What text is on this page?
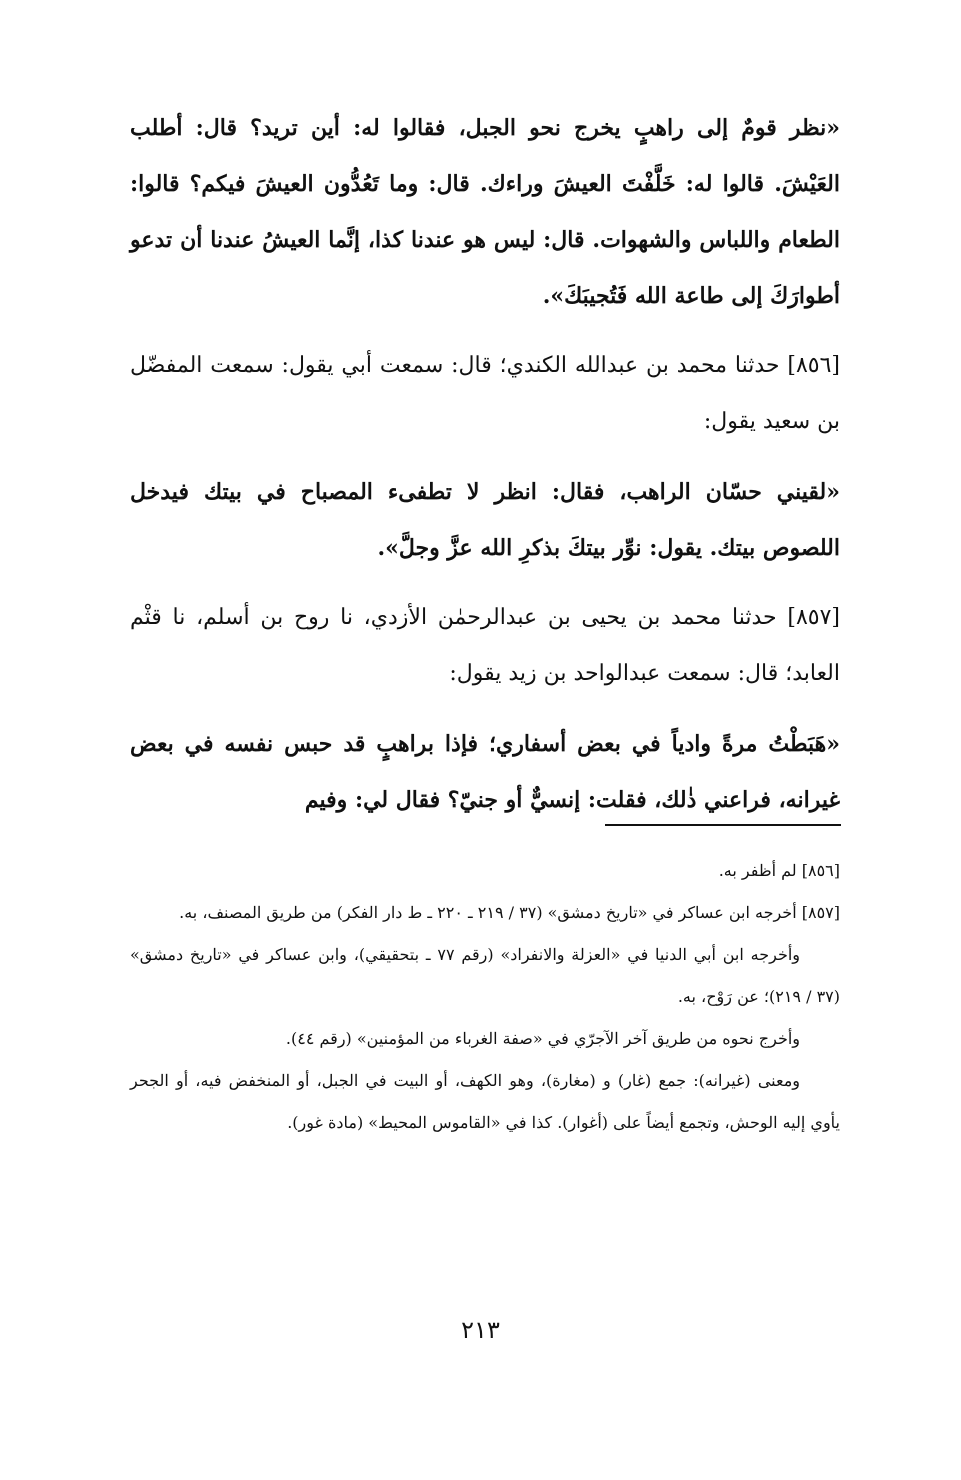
«نظر قومٌ إلى راهبٍ يخرج نحو الجبل، فقالوا له: أين تريد؟ قال: أطلب العَيْشَ. قالوا له: خَلَّفْتَ العيشَ وراءك. قال: وما تَعُدُّون العيشَ فيكم؟ قالوا: الطعام واللباس والشهوات. قال: ليس هو عندنا كذا، إنَّما العيشُ عندنا أن تدعو أطوارَكَ إلى طاعة الله فَتُجيبَكَ».

[٨٥٦] حدثنا محمد بن عبدالله الكندي؛ قال: سمعت أبي يقول: سمعت المفضّل بن سعيد يقول:

«لقيني حسّان الراهب، فقال: انظر لا تطفىء المصباح في بيتك فيدخل اللصوص بيتك. يقول: نوِّر بيتكَ بذكرِ الله عزَّ وجلَّ».

[٨٥٧] حدثنا محمد بن يحيى بن عبدالرحمٰن الأزدي، نا روح بن أسلم، نا قثْم العابد؛ قال: سمعت عبدالواحد بن زيد يقول:

«هَبَطْتُ مرةً وادياً في بعض أسفاري؛ فإذا براهبٍ قد حبس نفسه في بعض غيرانه، فراعني ذٰلك، فقلت: إنسيٌّ أو جنيّ؟ فقال لي: وفيم

[٨٥٦] لم أظفر به.

[٨٥٧] أخرجه ابن عساكر في «تاريخ دمشق» (٣٧ / ٢١٩ ـ ٢٢٠ ـ ط دار الفكر) من طريق المصنف، به.

وأخرجه ابن أبي الدنيا في «العزلة والانفراد» (رقم ٧٧ ـ بتحقيقي)، وابن عساكر في «تاريخ دمشق» (٣٧ / ٢١٩)؛ عن رَوْح، به.

وأخرج نحوه من طريق آخر الآجرّي في «صفة الغرباء من المؤمنين» (رقم ٤٤).

ومعنى (غيرانه): جمع (غار) و (مغارة)، وهو الكهف، أو البيت في الجبل، أو المنخفض فيه، أو الجحر يأوي إليه الوحش، وتجمع أيضاً على (أغوار). كذا في «القاموس المحيط» (مادة غور).

٢١٣
